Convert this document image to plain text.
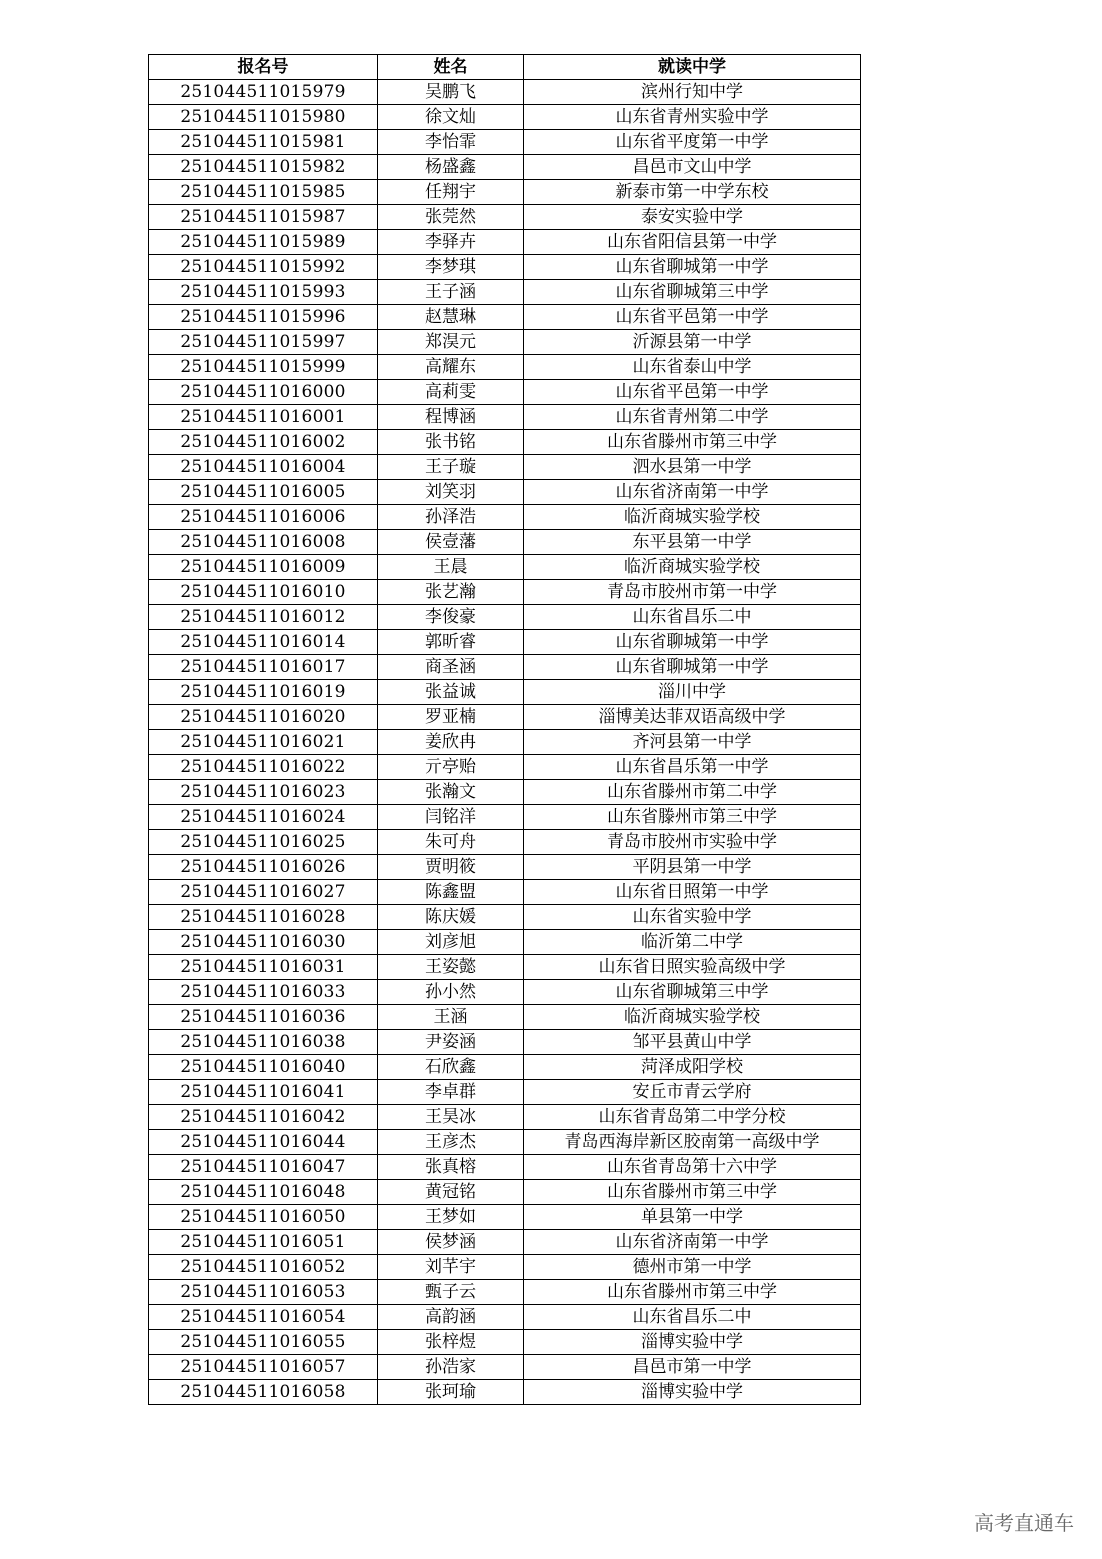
报名号	姓名	就读中学
251044511015979	吴鹏飞	滨州行知中学
251044511015980	徐文灿	山东省青州实验中学
251044511015981	李怡霏	山东省平度第一中学
251044511015982	杨盛鑫	昌邑市文山中学
251044511015985	任翔宇	新泰市第一中学东校
251044511015987	张莞然	泰安实验中学
251044511015989	李驿卉	山东省阳信县第一中学
251044511015992	李梦琪	山东省聊城第一中学
251044511015993	王子涵	山东省聊城第三中学
251044511015996	赵慧琳	山东省平邑第一中学
251044511015997	郑淏元	沂源县第一中学
251044511015999	高耀东	山东省泰山中学
251044511016000	高莉雯	山东省平邑第一中学
251044511016001	程博涵	山东省青州第二中学
251044511016002	张书铭	山东省滕州市第三中学
251044511016004	王子璇	泗水县第一中学
251044511016005	刘笑羽	山东省济南第一中学
251044511016006	孙泽浩	临沂商城实验学校
251044511016008	侯壹藩	东平县第一中学
251044511016009	王晨	临沂商城实验学校
251044511016010	张艺瀚	青岛市胶州市第一中学
251044511016012	李俊豪	山东省昌乐二中
251044511016014	郭昕睿	山东省聊城第一中学
251044511016017	商圣涵	山东省聊城第一中学
251044511016019	张益诚	淄川中学
251044511016020	罗亚楠	淄博美达菲双语高级中学
251044511016021	姜欣冉	齐河县第一中学
251044511016022	亓亭贻	山东省昌乐第一中学
251044511016023	张瀚文	山东省滕州市第二中学
251044511016024	闫铭洋	山东省滕州市第三中学
251044511016025	朱可舟	青岛市胶州市实验中学
251044511016026	贾明筱	平阴县第一中学
251044511016027	陈鑫盟	山东省日照第一中学
251044511016028	陈庆媛	山东省实验中学
251044511016030	刘彦旭	临沂第二中学
251044511016031	王姿懿	山东省日照实验高级中学
251044511016033	孙小然	山东省聊城第三中学
251044511016036	王涵	临沂商城实验学校
251044511016038	尹姿涵	邹平县黄山中学
251044511016040	石欣鑫	菏泽成阳学校
251044511016041	李卓群	安丘市青云学府
251044511016042	王昊冰	山东省青岛第二中学分校
251044511016044	王彦杰	青岛西海岸新区胶南第一高级中学
251044511016047	张真榕	山东省青岛第十六中学
251044511016048	黄冠铭	山东省滕州市第三中学
251044511016050	王梦如	单县第一中学
251044511016051	侯梦涵	山东省济南第一中学
251044511016052	刘芊宇	德州市第一中学
251044511016053	甄子云	山东省滕州市第三中学
251044511016054	高韵涵	山东省昌乐二中
251044511016055	张梓煜	淄博实验中学
251044511016057	孙浩家	昌邑市第一中学
251044511016058	张珂瑜	淄博实验中学
高考直通车
